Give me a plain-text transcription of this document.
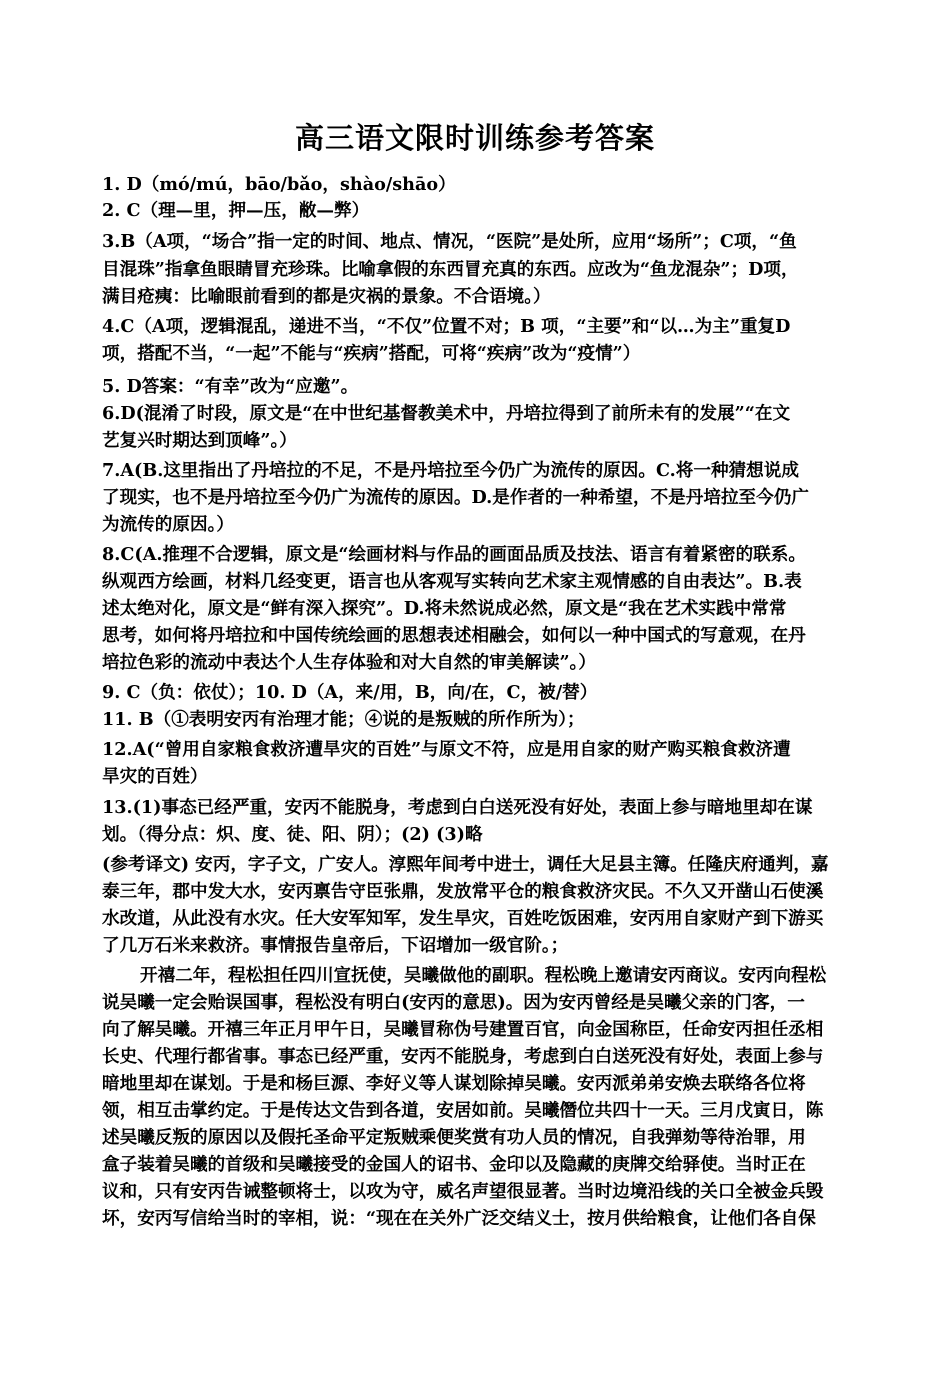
高三语文限时训练参考答案
1. D（mó/mú，bāo/bǎo，shào/shāo）
2. C（理—里，押—压，敝—弊）
3.B（A项，“场合”指一定的时间、地点、情况，“医院”是处所，应用“场所”；C项，“鱼
目混珠”指拿鱼眼睛冒充珍珠。比喻拿假的东西冒充真的东西。应改为“鱼龙混杂”；D项，
满目疮痍：比喻眼前看到的都是灾祸的景象。不合语境。）
4.C（A项，逻辑混乱，递进不当，“不仅”位置不对；B 项，“主要”和“以…为主”重复D
项，搭配不当，“一起”不能与“疾病”搭配，可将“疾病”改为“疫情”）
5. D答案：“有幸”改为“应邀”。
6.D(混淆了时段，原文是“在中世纪基督教美术中，丹培拉得到了前所未有的发展”“在文
艺复兴时期达到顶峰”。）
7.A(B.这里指出了丹培拉的不足，不是丹培拉至今仍广为流传的原因。C.将一种猜想说成
了现实，也不是丹培拉至今仍广为流传的原因。D.是作者的一种希望，不是丹培拉至今仍广
为流传的原因。）
8.C(A.推理不合逻辑，原文是“绘画材料与作品的画面品质及技法、语言有着紧密的联系。
纵观西方绘画，材料几经变更，语言也从客观写实转向艺术家主观情感的自由表达”。B.表
述太绝对化，原文是“鲜有深入探究”。D.将未然说成必然，原文是“我在艺术实践中常常
思考，如何将丹培拉和中国传统绘画的思想表述相融会，如何以一种中国式的写意观，在丹
培拉色彩的流动中表达个人生存体验和对大自然的审美解读”。）
9. C（负：依仗）；10. D（A，来/用，B，向/在，C，被/替）
11. B（①表明安丙有治理才能；④说的是叛贼的所作所为）；
12.A(“曾用自家粮食救济遭旱灾的百姓”与原文不符，应是用自家的财产购买粮食救济遭
旱灾的百姓）
13.(1)事态已经严重，安丙不能脱身，考虑到白白送死没有好处，表面上参与暗地里却在谋
划。（得分点：炽、度、徒、阳、阴）；(2) (3)略
(参考译文) 安丙，字子文，广安人。淳熙年间考中进士，调任大足县主簿。任隆庆府通判，嘉
泰三年，郡中发大水，安丙禀告守臣张鼎，发放常平仓的粮食救济灾民。不久又开凿山石使溪
水改道，从此没有水灾。任大安军知军，发生旱灾，百姓吃饭困难，安丙用自家财产到下游买
了几万石米来救济。事情报告皇帝后，下诏增加一级官阶。；
开禧二年，程松担任四川宣抚使，吴曦做他的副职。程松晚上邀请安丙商议。安丙向程松
说吴曦一定会贻误国事，程松没有明白(安丙的意思)。因为安丙曾经是吴曦父亲的门客，一
向了解吴曦。开禧三年正月甲午日，吴曦冒称伪号建置百官，向金国称臣，任命安丙担任丞相
长史、代理行都省事。事态已经严重，安丙不能脱身，考虑到白白送死没有好处，表面上参与
暗地里却在谋划。于是和杨巨源、李好义等人谋划除掉吴曦。安丙派弟弟安焕去联络各位将
领，相互击掌约定。于是传达文告到各道，安居如前。吴曦僭位共四十一天。三月戊寅日，陈
述吴曦反叛的原因以及假托圣命平定叛贼乘便奖赏有功人员的情况，自我弹劾等待治罪，用
盒子装着吴曦的首级和吴曦接受的金国人的诏书、金印以及隐藏的庚牌交给驿使。当时正在
议和，只有安丙告诫整顿将士，以攻为守，威名声望很显著。当时边境沿线的关口全被金兵毁
坏，安丙写信给当时的宰相，说：“现在在关外广泛交结义士，按月供给粮食，让他们各自保
